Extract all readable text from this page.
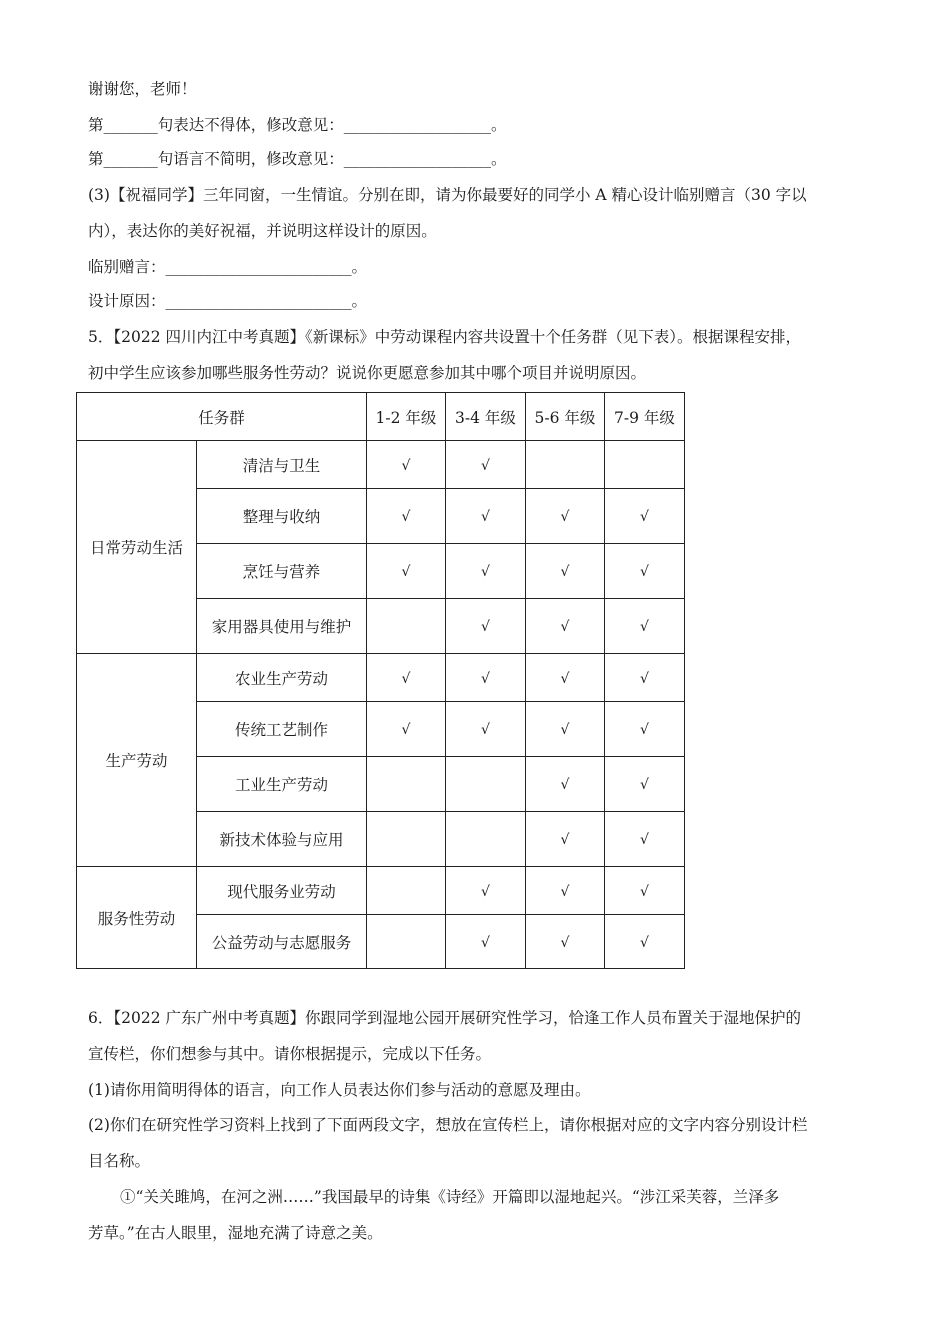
谢谢您，老师！
第_______句表达不得体，修改意见：___________________。
第_______句语言不简明，修改意见：___________________。
(3)【祝福同学】三年同窗，一生情谊。分别在即，请为你最要好的同学小 A 精心设计临别赠言（30 字以
内），表达你的美好祝福，并说明这样设计的原因。
临别赠言：________________________。
设计原因：________________________。
5．【2022 四川内江中考真题】《新课标》中劳动课程内容共设置十个任务群（见下表）。根据课程安排，
初中学生应该参加哪些服务性劳动？说说你更愿意参加其中哪个项目并说明原因。
任务群		1-2 年级	3-4 年级	5-6 年级	7-9 年级
日常劳动生活	清洁与卫生	√	√		
	整理与收纳	√	√	√	√
	烹饪与营养	√	√	√	√
	家用器具使用与维护		√	√	√
生产劳动	农业生产劳动	√	√	√	√
	传统工艺制作	√	√	√	√
	工业生产劳动			√	√
	新技术体验与应用			√	√
服务性劳动	现代服务业劳动		√	√	√
	公益劳动与志愿服务		√	√	√
6．【2022 广东广州中考真题】你跟同学到湿地公园开展研究性学习，恰逢工作人员布置关于湿地保护的
宣传栏，你们想参与其中。请你根据提示，完成以下任务。
(1)请你用简明得体的语言，向工作人员表达你们参与活动的意愿及理由。
(2)你们在研究性学习资料上找到了下面两段文字，想放在宣传栏上，请你根据对应的文字内容分别设计栏
目名称。
①“关关雎鸠，在河之洲……”我国最早的诗集《诗经》开篇即以湿地起兴。“涉江采芙蓉，兰泽多
芳草。”在古人眼里，湿地充满了诗意之美。
